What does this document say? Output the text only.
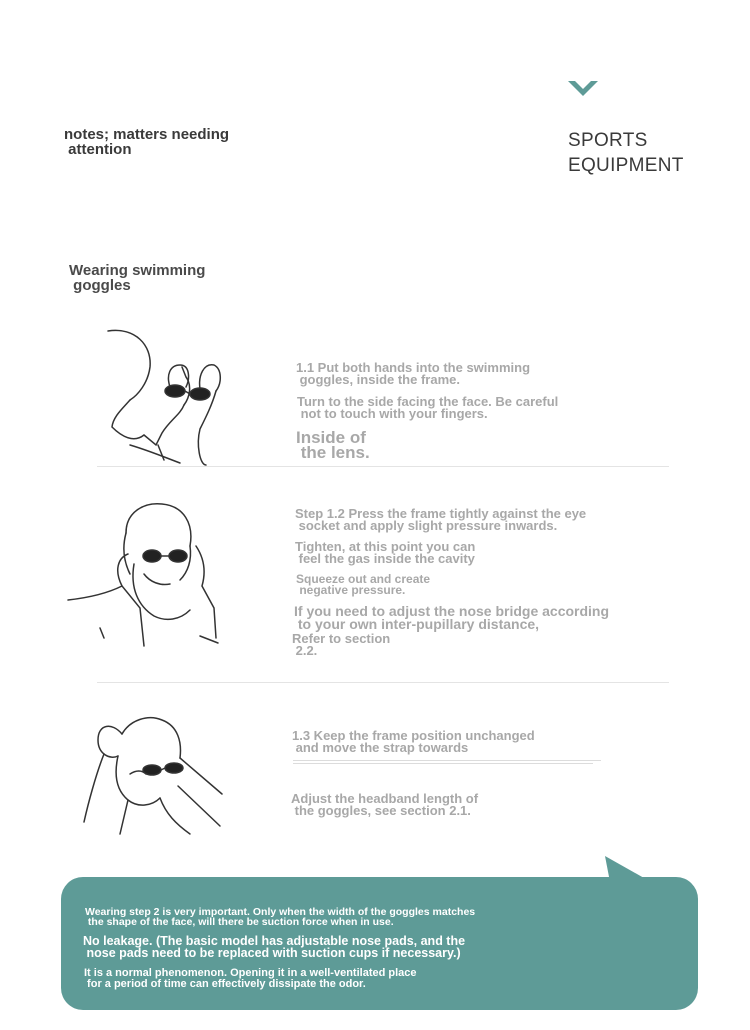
notes; matters needing
attention	SPORTS
EQUIPMENT
Wearing swimming
goggles
1.1 Put both hands into the swimming
goggles, inside the frame.
Turn to the side facing the face. Be careful
not to touch with your fingers.
Inside of
the lens.
Step 1.2 Press the frame tightly against the eye
socket and apply slight pressure inwards.
Tighten, at this point you can
feel the gas inside the cavity
Squeeze out and create
negative pressure.
If you need to adjust the nose bridge according
to your own inter-pupillary distance,
Refer to section
2.2.
1.3 Keep the frame position unchanged
and move the strap towards
Adjust the headband length of
the goggles, see section 2.1.
Wearing step 2 is very important. Only when the width of the goggles matches
the shape of the face, will there be suction force when in use.
No leakage. (The basic model has adjustable nose pads, and the
nose pads need to be replaced with suction cups if necessary.)
It is a normal phenomenon. Opening it in a well-ventilated place
for a period of time can effectively dissipate the odor.
